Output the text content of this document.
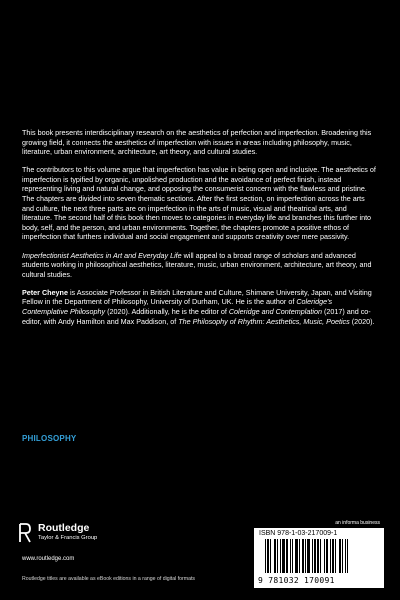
This book presents interdisciplinary research on the aesthetics of perfection and imperfection. Broadening this growing field, it connects the aesthetics of imperfection with issues in areas including philosophy, music, literature, urban environment, architecture, art theory, and cultural studies.

The contributors to this volume argue that imperfection has value in being open and inclusive. The aesthetics of imperfection is typified by organic, unpolished production and the avoidance of perfect finish, instead representing living and natural change, and opposing the consumerist concern with the flawless and pristine. The chapters are divided into seven thematic sections. After the first section, on imperfection across the arts and culture, the next three parts are on imperfection in the arts of music, visual and theatrical arts, and literature. The second half of this book then moves to categories in everyday life and branches this further into body, self, and the person, and urban environments. Together, the chapters promote a positive ethos of imperfection that furthers individual and social engagement and supports creativity over mere passivity.

Imperfectionist Aesthetics in Art and Everyday Life will appeal to a broad range of scholars and advanced students working in philosophical aesthetics, literature, music, urban environment, architecture, art theory, and cultural studies.

Peter Cheyne is Associate Professor in British Literature and Culture, Shimane University, Japan, and Visiting Fellow in the Department of Philosophy, University of Durham, UK. He is the author of Coleridge's Contemplative Philosophy (2020). Additionally, he is the editor of Coleridge and Contemplation (2017) and co-editor, with Andy Hamilton and Max Paddison, of The Philosophy of Rhythm: Aesthetics, Music, Poetics (2020).

PHILOSOPHY
Routledge
Taylor & Francis Group
www.routledge.com
Routledge titles are available as eBook editions in a range of digital formats
an informa business
ISBN 978-1-03-217009-1
9 781032 170091
